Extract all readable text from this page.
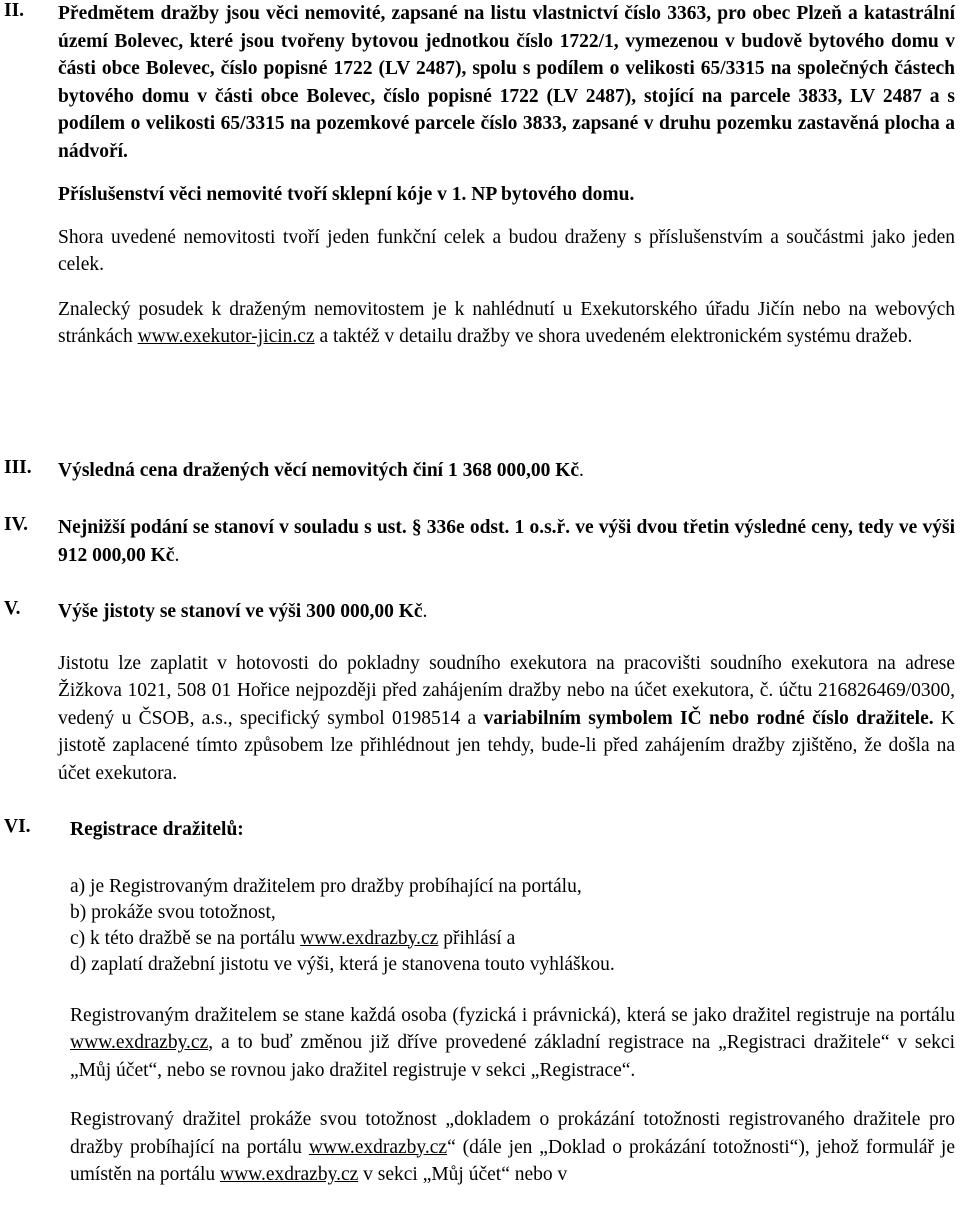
II. Předmětem dražby jsou věci nemovité, zapsané na listu vlastnictví číslo 3363, pro obec Plzeň a katastrální území Bolevec, které jsou tvořeny bytovou jednotkou číslo 1722/1, vymezenou v budově bytového domu v části obce Bolevec, číslo popisné 1722 (LV 2487), spolu s podílem o velikosti 65/3315 na společných částech bytového domu v části obce Bolevec, číslo popisné 1722 (LV 2487), stojící na parcele 3833, LV 2487 a s podílem o velikosti 65/3315 na pozemkové parcele číslo 3833, zapsané v druhu pozemku zastavěná plocha a nádvoří.

Příslušenství věci nemovité tvoří sklepní kóje v 1. NP bytového domu.

Shora uvedené nemovitosti tvoří jeden funkční celek a budou draženy s příslušenstvím a součástmi jako jeden celek.

Znalecký posudek k draženým nemovitostem je k nahlédnutí u Exekutorského úřadu Jičín nebo na webových stránkách www.exekutor-jicin.cz a taktéž v detailu dražby ve shora uvedeném elektronickém systému dražeb.

III. Výsledná cena dražených věcí nemovitých činí 1 368 000,00 Kč.
IV. Nejnižší podání se stanoví v souladu s ust. § 336e odst. 1 o.s.ř. ve výši dvou třetin výsledné ceny, tedy ve výši 912 000,00 Kč.
V. Výše jistoty se stanoví ve výši 300 000,00 Kč.

Jistotu lze zaplatit v hotovosti do pokladny soudního exekutora na pracovišti soudního exekutora na adrese Žižkova 1021, 508 01 Hořice nejpozději před zahájením dražby nebo na účet exekutora, č. účtu 216826469/0300, vedený u ČSOB, a.s., specifický symbol 0198514 a variabilním symbolem IČ nebo rodné číslo dražitele. K jistotě zaplacené tímto způsobem lze přihlédnout jen tehdy, bude-li před zahájením dražby zjištěno, že došla na účet exekutora.

VI. Registrace dražitelů:

a) je Registrovaným dražitelem pro dražby probíhající na portálu,
b) prokáže svou totožnost,
c) k této dražbě se na portálu www.exdrazby.cz přihlásí a
d) zaplatí dražební jistotu ve výši, která je stanovena touto vyhláškou.

Registrovaným dražitelem se stane každá osoba (fyzická i právnická), která se jako dražitel registruje na portálu www.exdrazby.cz, a to buď změnou již dříve provedené základní registrace na „Registraci dražitele“ v sekci „Můj účet“, nebo se rovnou jako dražitel registruje v sekci „Registrace“.

Registrovaný dražitel prokáže svou totožnost „dokladem o prokázání totožnosti registrovaného dražitele pro dražby probíhající na portálu www.exdrazby.cz“ (dále jen „Doklad o prokázání totožnosti“), jehož formulář je umístěn na portálu www.exdrazby.cz v sekci „Můj účet“ nebo v
